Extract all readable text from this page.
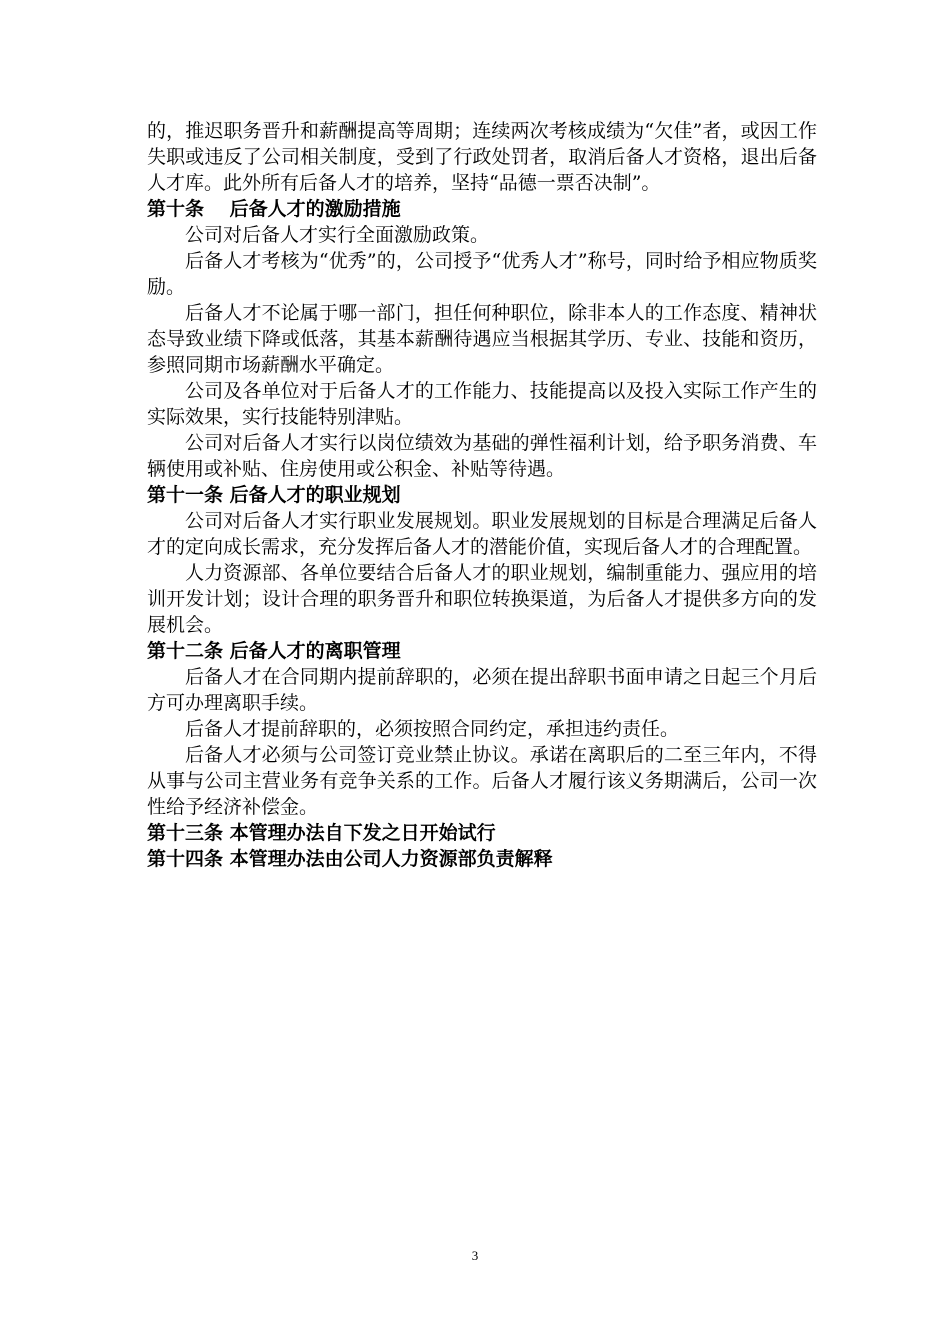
的，推迟职务晋升和薪酬提高等周期；连续两次考核成绩为“欠佳”者，或因工作失职或违反了公司相关制度，受到了行政处罚者，取消后备人才资格，退出后备人才库。此外所有后备人才的培养，坚持“品德一票否决制”。

第十条　 后备人才的激励措施

公司对后备人才实行全面激励政策。

后备人才考核为“优秀”的，公司授予“优秀人才”称号，同时给予相应物质奖励。

后备人才不论属于哪一部门，担任何种职位，除非本人的工作态度、精神状态导致业绩下降或低落，其基本薪酬待遇应当根据其学历、专业、技能和资历，参照同期市场薪酬水平确定。

公司及各单位对于后备人才的工作能力、技能提高以及投入实际工作产生的实际效果，实行技能特别津贴。

公司对后备人才实行以岗位绩效为基础的弹性福利计划，给予职务消费、车辆使用或补贴、住房使用或公积金、补贴等待遇。

第十一条 后备人才的职业规划

公司对后备人才实行职业发展规划。职业发展规划的目标是合理满足后备人才的定向成长需求，充分发挥后备人才的潜能价值，实现后备人才的合理配置。

人力资源部、各单位要结合后备人才的职业规划，编制重能力、强应用的培训开发计划；设计合理的职务晋升和职位转换渠道，为后备人才提供多方向的发展机会。

第十二条 后备人才的离职管理

后备人才在合同期内提前辞职的，必须在提出辞职书面申请之日起三个月后方可办理离职手续。

后备人才提前辞职的，必须按照合同约定，承担违约责任。

后备人才必须与公司签订竞业禁止协议。承诺在离职后的二至三年内，不得从事与公司主营业务有竞争关系的工作。后备人才履行该义务期满后，公司一次性给予经济补偿金。

第十三条 本管理办法自下发之日开始试行

第十四条 本管理办法由公司人力资源部负责解释

3
